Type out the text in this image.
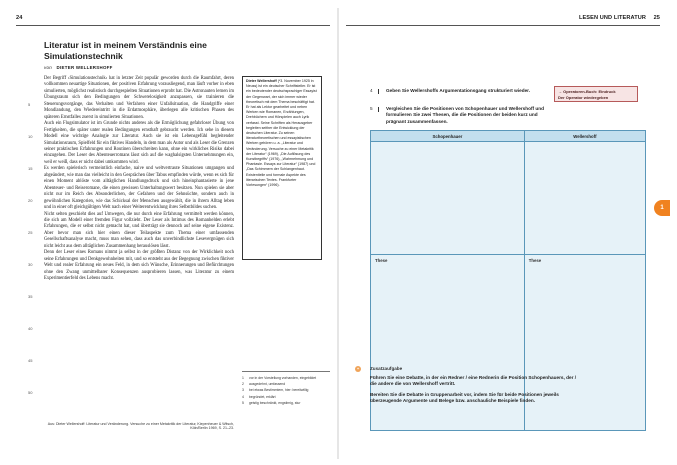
24
Literatur ist in meinem Verständnis eine Simulationstechnik
von DIETER WELLERSHOFF
5
10
15
20
25
30
35
40
45
50

Der Begriff ›Simulationstechnik‹ hat in letzter Zeit populär geworden durch die Raumfahrt, deren vollkommen neuartige Situationen, der positiven Erfahrung vorausliegend, man läuft vorher in eben simulierten, möglichst realistisch durchgespielten Situationen erprobt hat. Die Astronauten lernen im Übungsraum sich den Bedingungen der Schwerelosigkeit anzupassen, sie trainieren die Steuerungsvorgänge, das Verhalten und Verfahren einer Unfallsituation, die Handgriffe einer Mondlandung, den Wiedereintritt in die Erdatmosphäre, überlegen alle kritischen Phasen des späteren Ernstfalles zuerst in simulierten Situationen.

Auch ein Flugsimulator ist im Grunde nichts anderes als die Ermöglichung gefahrloser Übung von Fertigkeiten, die später unter realen Bedingungen ernsthaft gebraucht werden. Ich sehe in diesem Modell eine wichtige Analogie zur Literatur. Auch sie ist ein Lebensgefühl begleitender Simulationsraum, Spielfeld für ein fiktives Handeln, in dem man als Autor und als Leser die Grenzen seiner praktischen Erfahrungen und Routinen überschreiten kann, ohne ein wirkliches Risiko dabei einzugehen. Der Leser des Abenteuerromans lässt sich auf die waghalsigsten Unternehmungen ein, weil er weiß, dass er nicht dabei umkommen wird.

Es werden spielerisch vermeintlich einfache, naive und weltvertraute Situationen umgangen und abgeändert, wie man das vielleicht in den Gesprächen über Tabus empfinden würde, wenn es sich für einen Moment ablöste vom alltäglichen Handlungsdruck und sich hineinphantasierte in jene Abenteuer- und Reiseromane, die einen gewissen Unterhaltungswert besitzen. Nun spielen sie aber nicht nur im Reich des Absonderlichen, der Gefahren und der Sehnsüchte, sondern auch in gewöhnlichen Kategorien, wie das Schicksal der Menschen ausgewählt, die in ihrem Alltag leben und in einer oft gleichgültigen Welt nach einer Weiterentwicklung ihres Selbstbildes suchen.

Nicht selten geschieht dies auf Umwegen, die nur durch eine Erfahrung vermittelt werden können, die sich am Modell einer fremden Figur vollzieht. Der Leser als Intimus des Romanhelden erlebt Erfahrungen, die er selbst nicht gemacht hat, und überträgt sie dennoch auf seine eigene Existenz. Aber bevor man sich hier einen dieser Teilaspekte zum Thema einer umfassenden Gesellschaftsanalyse macht, muss man sehen, dass auch das unverbindlichste Lesevergnügen sich nicht leicht aus dem alltäglichen Zusammenhang herauslösen lässt.

Denn der Leser eines Romans nimmt ja selbst in der größten Distanz von der Wirklichkeit noch seine Erfahrungen und Denkgewohnheiten mit, und so entsteht aus der Begegnung zwischen fiktiver Welt und realer Erfahrung ein neues Feld, in dem sich Wünsche, Erinnerungen und Befürchtungen ohne den Zwang unmittelbarer Konsequenzen ausprobieren lassen, was Literatur zu einem Experimentierfeld des Lebens macht.

Aus: Dieter Wellershoff: Literatur und Veränderung. Versuche zu einer Metakritik der Literatur, Kiepenheuer & Witsch, Köln/Berlin 1969, S. 21–23.
Dieter Wellershoff (*3. November 1925 in Neuss) ist ein deutscher Schriftsteller. Er ist ein bedeutender deutschsprachiger Essayist der Gegenwart, der sich immer wieder theoretisch mit dem Thema beschäftigt hat. Er hat als Lektor gearbeitet und neben Werken wie Romanen, Erzählungen, Drehbüchern und Hörspielen auch Lyrik verfasst. Seine Schriften als Herausgeber begleiten seither die Entwicklung der deutschen Literatur. Zu seinen literaturtheoretischen und essayistischen Werken gehören u. a. „Literatur und Veränderung. Versuche zu einer Metakritik der Literatur“ (1969), „Die Auflösung des Kunstbegriffs“ (1976), „Wahrnehmung und Phantasie. Essays zur Literatur“ (1987) und „Das Schimmern der Schlangenhaut. Existentielle und formale Aspekte des literarischen Textes. Frankfurter Vorlesungen“ (1996).
1 vor in der Vorstellung vorhanden, eingebildet
2 ausgedehnt, umfassend
3 bei etwas Bestimmtem, hier: bereitwillig
4 begründet, erklärt
5 geistig beschränkt, engstirnig, stur
LESEN UND LITERATUR 25
4	Geben Sie Wellershoffs Argumentationsgang strukturiert wieder.
5	Vergleichen Sie die Positionen von Schopenhauer und Wellershoff und formulieren Sie zwei Thesen, die die Positionen der beiden kurz und prägnant zusammenfassen.
→ Operatoren-Buch: Eindruck
Der Operator wiedergeben
Schopenhauer	Wellershoff

These	These
1
+	Zusatzaufgabe
Führen Sie eine Debatte, in der ein Redner / eine Rednerin die Position Schopenhauers, der / die andere die von Wellershoff vertritt.
Bereiten Sie die Debatte in Gruppenarbeit vor, indem Sie für beide Positionen jeweils überzeugende Argumente und Belege bzw. anschauliche Beispiele finden.
